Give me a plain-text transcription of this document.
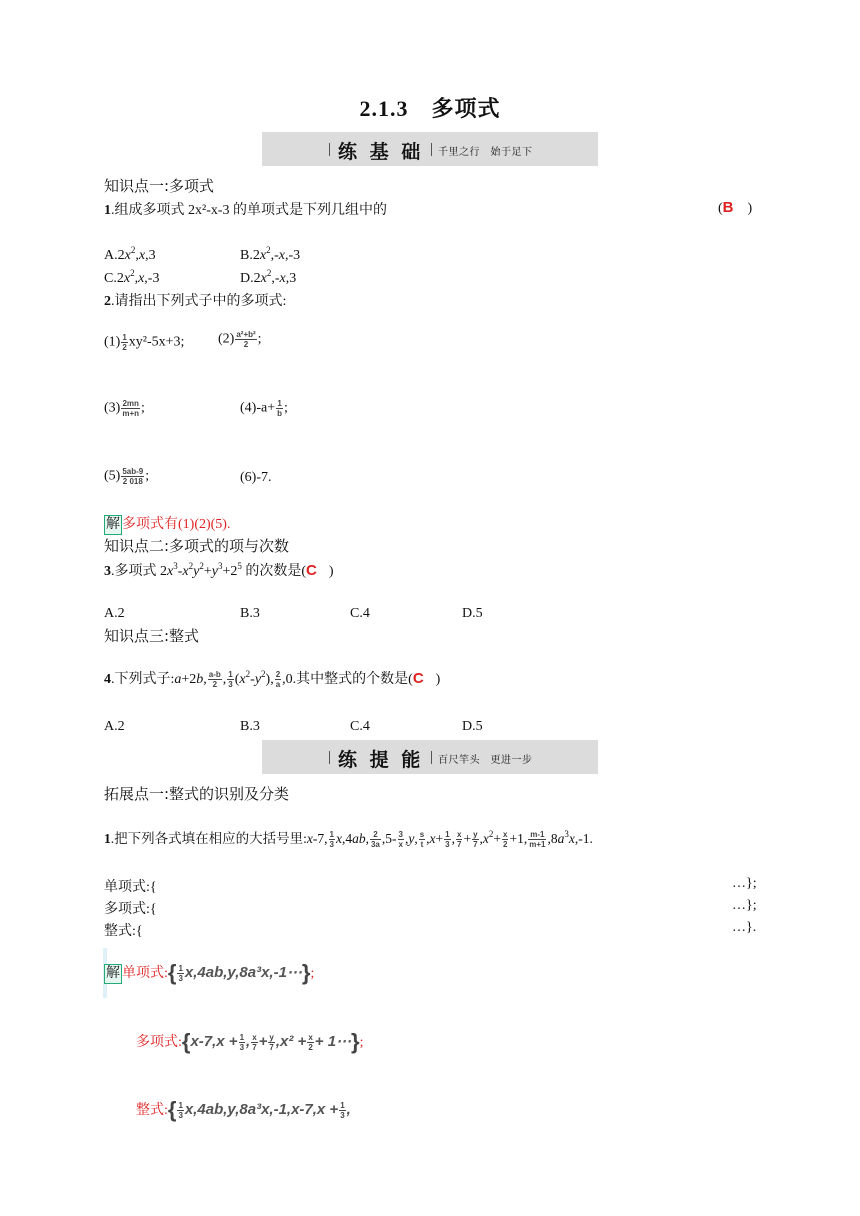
2.1.3　多项式
练 基 础 千里之行　始于足下
知识点一:多项式
1.组成多项式 2x²-x-3 的单项式是下列几组中的	(B )
$A.2x^2,x,3$	$B.2x^2,-x,-3$
$C.2x^2,x,-3$	$D.2x^2,-x,3$
2.请指出下列式子中的多项式:
$(1) \frac{1}{2} xy^2-5x+3$; $(2) \frac{\text{a²+b²}}{2}$ ;
$(3) \frac{2mn}{m+n}$ ;	$(4)-a+ \frac{1}{b}$ ;
$(5) \frac{5ab-9}{2 018}$ ;	(6)-7.
解 多项式有(1)(2)(5).
知识点二:多项式的项与次数
3.多项式 $2x^3-x^2y^2+y^3+2^5$ 的次数是(C )
A.2	B.3	C.4	D.5
知识点三:整式
4.下列式子:a+2b, $\frac{a-b}{2}$ , $\frac{1}{3} (x^2-y^2)$, $\frac{2}{a} ,0$.其中整式的个数是(C )
A.2	B.3	C.4	D.5
练 提 能 百尺竿头　更进一步
拓展点一:整式的识别及分类
1.把下列各式填在相应的大括号里:x-7, $\frac{1}{3} x,4ab$, $\frac{2}{3a} ,5- \frac{3}{x} ,y$, $\frac{s}{t} ,x+ \frac{1}{3}$ , $\frac{x}{7} + \frac{y}{7} ,x^2+ \frac{x}{2} +1$, $\frac{m-1}{m+1} ,8a^3x,-1$.
单项式:{	…};
多项式:{	…};
整式:{	…}.
解 单项式:{ $\frac{1}{3}$ x,4ab,y,8a³x,-1⋯};
多项式:{x-7,x + $\frac{1}{3}$ , $\frac{x}{7} + \frac{y}{7} ,x^2 + \frac{x}{2}$ + 1⋯};
整式:{ $\frac{1}{3} x,4ab,y,8a^3x,-1,x-7,x + \frac{1}{3}$ ,
